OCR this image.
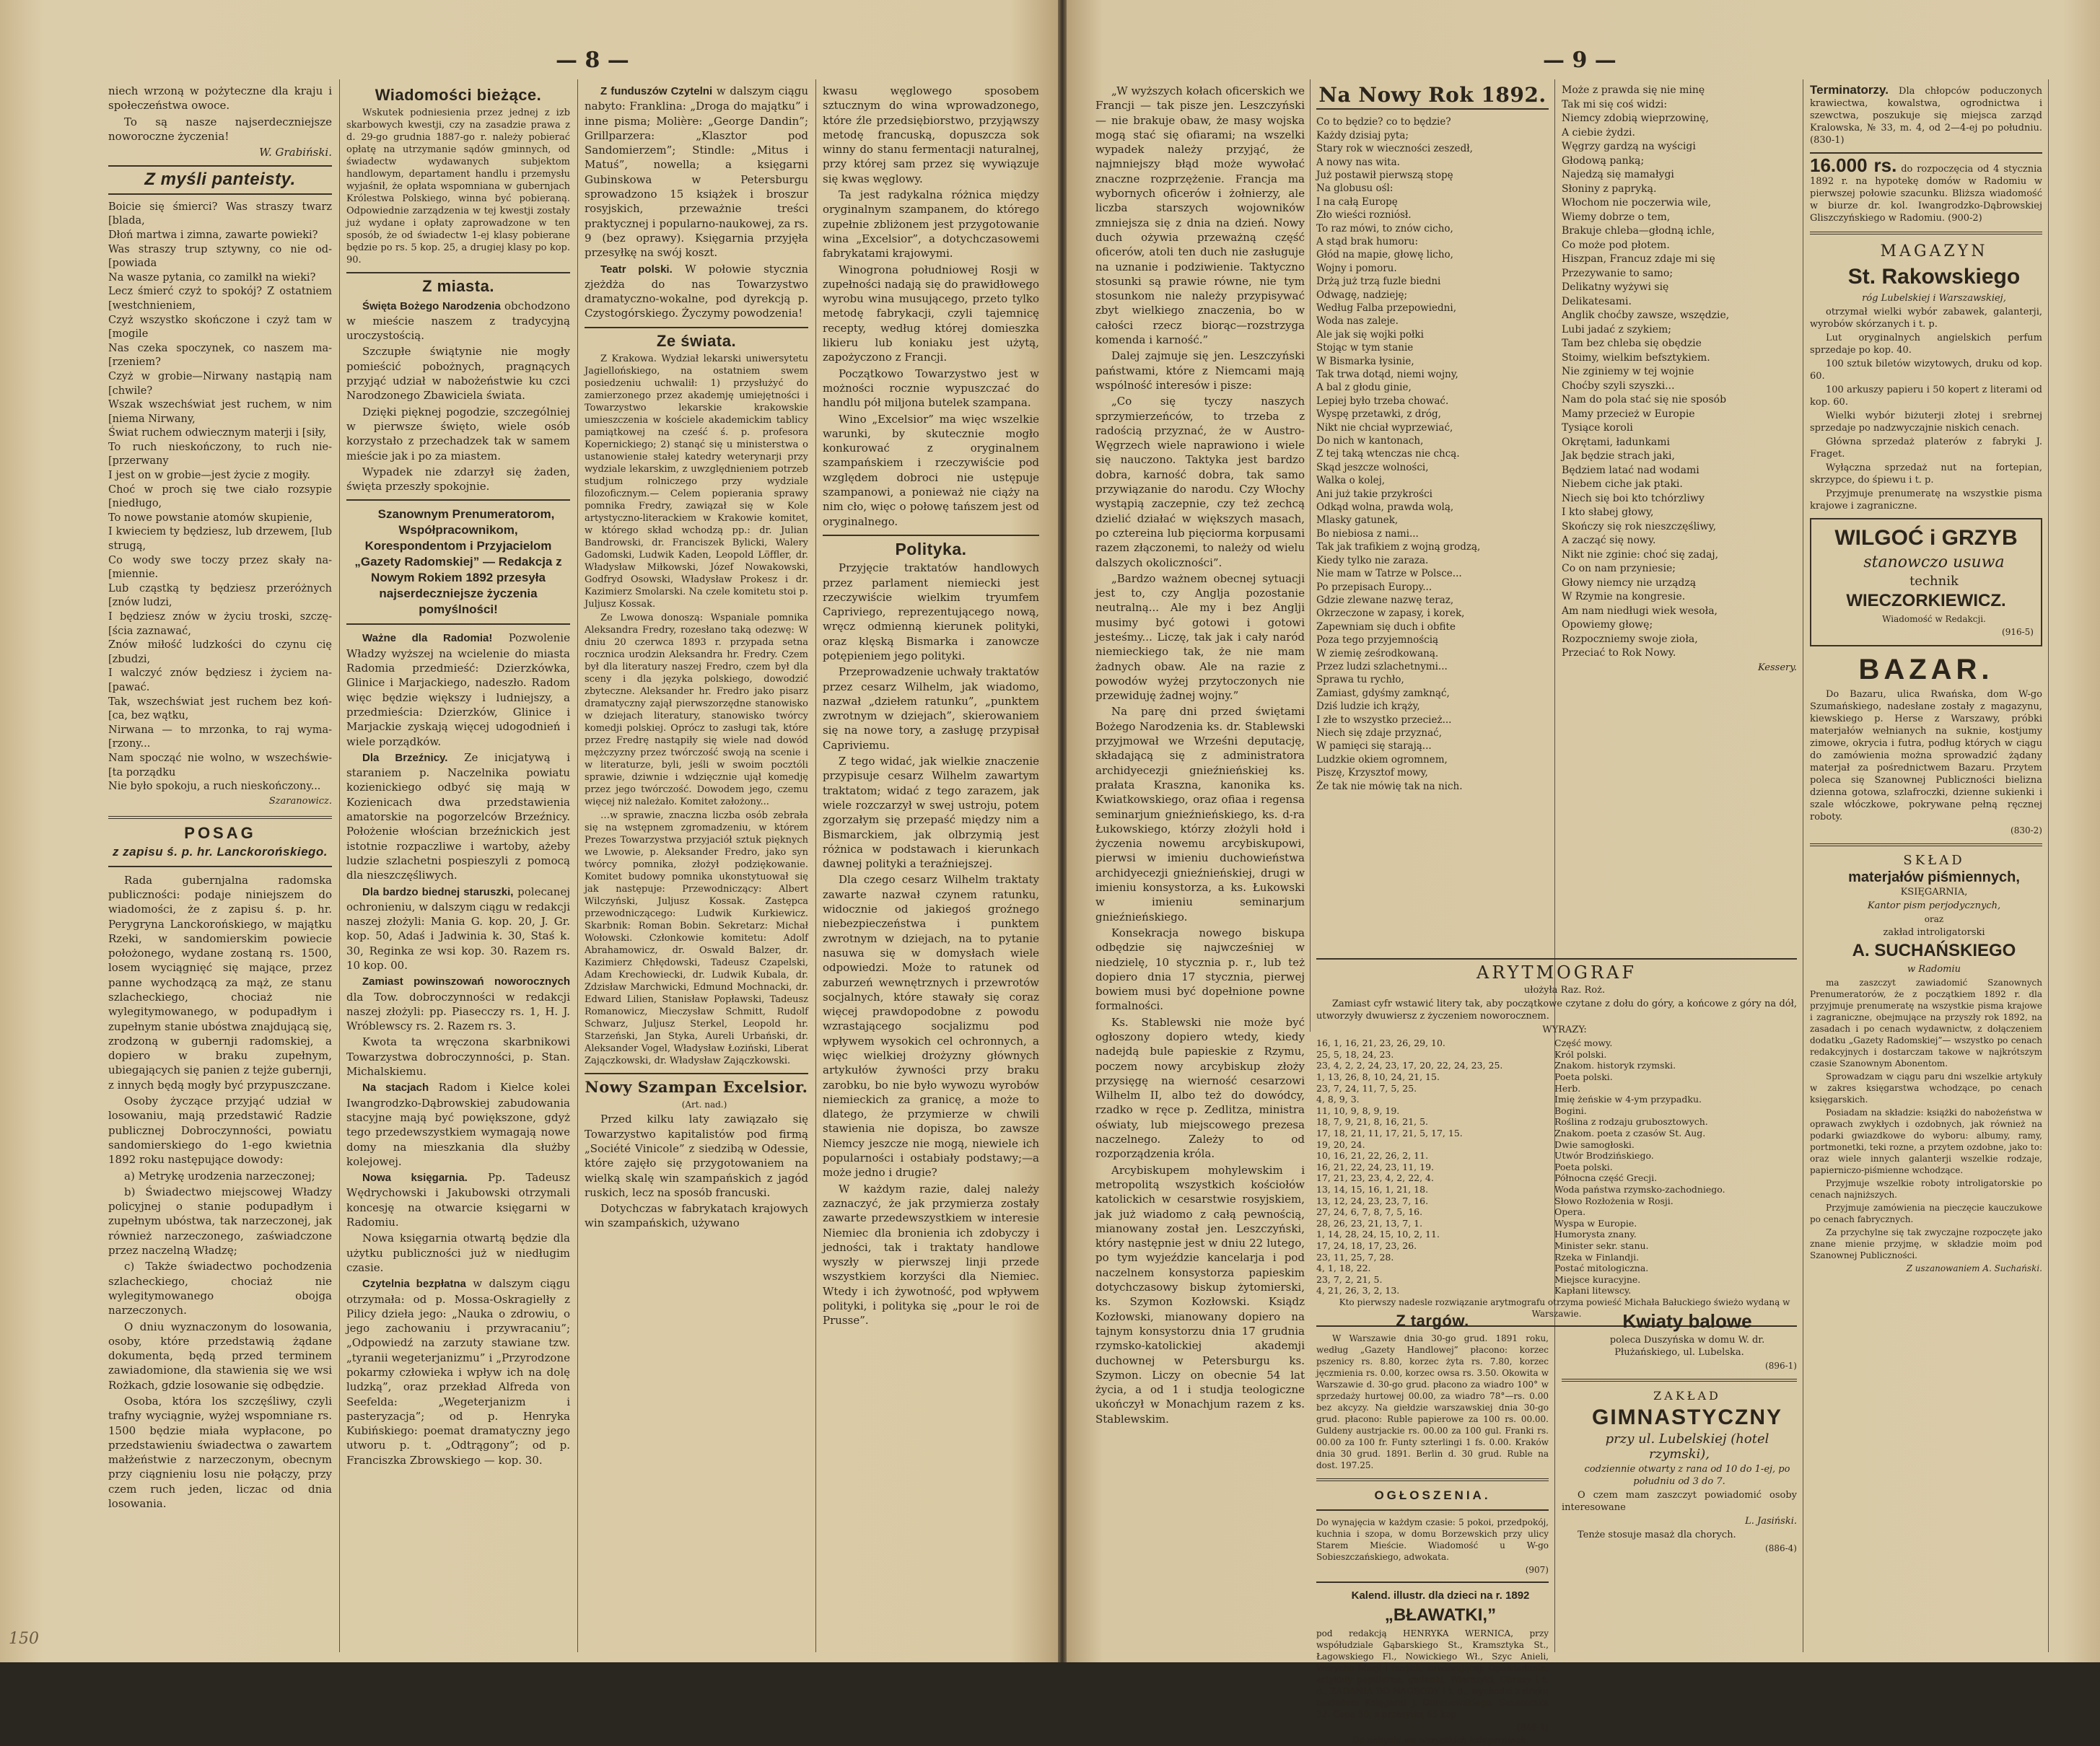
— 8 —

niech wrzoną w pożyteczne dla kraju i społeczeństwa owoce.

To są nasze najserdeczniejsze noworoczne życzenia!

W. Grabiński.

Z myśli panteisty.
Boicie się śmierci? Was straszy twarz [blada,
Dłoń martwa i zimna, zawarte powieki?
Was straszy trup sztywny, co nie od- [powiada
Na wasze pytania, co zamilkł na wieki?
Lecz śmierć czyż to spokój? Z ostatniem [westchnieniem,
Czyż wszystko skończone i czyż tam w [mogile
Nas czeka spoczynek, co naszem ma- [rzeniem?
Czyż w grobie—Nirwany nastąpią nam [chwile?
Wszak wszechświat jest ruchem, w nim [niema Nirwany,
Świat ruchem odwiecznym materji i [siły,
To ruch nieskończony, to ruch nie- [przerwany
I jest on w grobie—jest życie z mogiły.
Choć w proch się twe ciało rozsypie [niedługo,
To nowe powstanie atomów skupienie,
I kwieciem ty będziesz, lub drzewem, [lub strugą,
Co wody swe toczy przez skały na- [miennie.
Lub cząstką ty będziesz przeróżnych [znów ludzi,
I będziesz znów w życiu troski, szczę- [ścia zaznawać,
Znów miłość ludzkości do czynu cię [zbudzi,
I walczyć znów będziesz i życiem na- [pawać.
Tak, wszechświat jest ruchem bez koń- [ca, bez wątku,
Nirwana — to mrzonka, to raj wyma- [rzony...
Nam spocząć nie wolno, w wszechświe- [ta porządku
Nie było spokoju, a ruch nieskończony...

Szaranowicz.

POSAG
z zapisu ś. p. hr. Lanckorońskiego.

Rada gubernjalna radomska publiczności: podaje niniejszem do wiadomości, że z zapisu ś. p. hr. Perygryna Lanckorońskiego, w majątku Rzeki, w sandomierskim powiecie położonego, wydane zostaną rs. 1500, losem wyciągnięć się mające, przez panne wychodzącą za mąż, ze stanu szlacheckiego, chociaż nie wylegitymowanego, w podupadłym i zupełnym stanie ubóstwa znajdującą się, zrodzoną w gubernji radomskiej, a dopiero w braku zupełnym, ubiegających się panien z tejże gubernji, z innych będą mogły być przypuszczane.

Osoby życzące przyjąć udział w losowaniu, mają przedstawić Radzie publicznej Dobroczynności, powiatu sandomierskiego do 1-ego kwietnia 1892 roku następujące dowody:

a) Metrykę urodzenia narzeczonej;

b) Świadectwo miejscowej Władzy policyjnej o stanie podupadłym i zupełnym ubóstwa, tak narzeczonej, jak również narzeczonego, zaświadczone przez naczelną Władzę;

c) Także świadectwo pochodzenia szlacheckiego, chociaż nie wylegitymowanego obojga narzeczonych.

O dniu wyznaczonym do losowania, osoby, które przedstawią żądane dokumenta, będą przed terminem zawiadomione, dla stawienia się we wsi Rożkach, gdzie losowanie się odbędzie.

Osoba, która los szczęśliwy, czyli trafny wyciągnie, wyżej wspomniane rs. 1500 będzie miała wypłacone, po przedstawieniu świadectwa o zawartem małżeństwie z narzeczonym, obecnym przy ciągnieniu losu nie połączy, przy czem ruch jeden, liczac od dnia losowania.

Wiadomości bieżące.

Wskutek podniesienia przez jednej z izb skarbowych kwestji, czy na zasadzie prawa z d. 29-go grudnia 1887-go r. należy pobierać opłatę na utrzymanie sądów gminnych, od świadectw wydawanych subjektom handlowym, departament handlu i przemysłu wyjaśnił, że opłata wspomniana w gubernjach Królestwa Polskiego, winna być pobieraną. Odpowiednie zarządzenia w tej kwestji zostały już wydane i opłaty zaprowadzone w ten sposób, że od świadectw 1-ej klasy pobierane będzie po rs. 5 kop. 25, a drugiej klasy po kop. 90.

Z miasta.

Święta Bożego Narodzenia obchodzono w mieście naszem z tradycyjną uroczystością.

Szczupłe świątynie nie mogły pomieścić pobożnych, pragnących przyjąć udział w nabożeństwie ku czci Narodzonego Zbawiciela świata.

Dzięki pięknej pogodzie, szczególniej w pierwsze święto, wiele osób korzystało z przechadzek tak w samem mieście jak i po za miastem.

Wypadek nie zdarzył się żaden, święta przeszły spokojnie.

Szanownym Prenumeratorom, Współpracownikom, Korespondentom i Przyjacielom „Gazety Radomskiej” — Redakcja z Nowym Rokiem 1892 przesyła najserdeczniejsze życzenia pomyślności!

Ważne dla Radomia! Pozwolenie Władzy wyższej na wcielenie do miasta Radomia przedmieść: Dzierzkówka, Glinice i Marjackiego, nadeszło. Radom więc będzie większy i ludniejszy, a przedmieścia: Dzierzków, Glinice i Marjackie zyskają więcej udogodnień i wiele porządków.

Dla Brzeźnicy. Ze inicjatywą i staraniem p. Naczelnika powiatu kozienickiego odbyć się mają w Kozienicach dwa przedstawienia amatorskie na pogorzelców Brzeźnicy. Położenie włościan brzeźnickich jest istotnie rozpaczliwe i wartoby, ażeby ludzie szlachetni pospieszyli z pomocą dla nieszczęśliwych.

Dla bardzo biednej staruszki, polecanej ochronieniu, w dalszym ciągu w redakcji naszej złożyli: Mania G. kop. 20, J. Gr. kop. 50, Adaś i Jadwinia k. 30, Staś k. 30, Reginka ze wsi kop. 30. Razem rs. 10 kop. 00.

Zamiast powinszowań noworocznych dla Tow. dobroczynności w redakcji naszej złożyli: pp. Piasecczy rs. 1, H. J. Wróblewscy rs. 2. Razem rs. 3.

Kwota ta wręczona skarbnikowi Towarzystwa dobroczynności, p. Stan. Michalskiemu.

Na stacjach Radom i Kielce kolei Iwangrodzko-Dąbrowskiej zabudowania stacyjne mają być powiększone, gdyż tego przedewszystkiem wymagają nowe domy na mieszkania dla służby kolejowej.

Nowa księgarnia. Pp. Tadeusz Wędrychowski i Jakubowski otrzymali koncesję na otwarcie księgarni w Radomiu.

Nowa księgarnia otwartą będzie dla użytku publiczności już w niedługim czasie.

Czytelnia bezpłatna w dalszym ciągu otrzymała: od p. Mossa-Oskragielły z Pilicy dzieła jego: „Nauka o zdrowiu, o jego zachowaniu i przywracaniu”; „Odpowiedź na zarzuty stawiane tzw. „tyranii wegeterjanizmu” i „Przyrodzone pokarmy człowieka i wpływ ich na dolę ludzką”, oraz przekład Alfreda von Seefelda: „Wegeterjanizm i pasteryzacja”; od p. Henryka Kubińskiego: poemat dramatyczny jego utworu p. t. „Odtrągony”; od p. Franciszka Zbrowskiego — kop. 30.

Z funduszów Czytelni w dalszym ciągu nabyto: Franklina: „Droga do majątku” i inne pisma; Molière: „George Dandin”; Grillparzera: „Klasztor pod Sandomierzem”; Stindle: „Mitus i Matuś”, nowella; a księgarni Gubinskowa w Petersburgu sprowadzono 15 książek i broszur rosyjskich, przeważnie treści praktycznej i popularno-naukowej, za rs. 9 (bez oprawy). Księgarnia przyjęła przesyłkę na swój koszt.

Teatr polski. W połowie stycznia zjeżdża do nas Towarzystwo dramatyczno-wokalne, pod dyrekcją p. Czystogórskiego. Życzymy powodzenia!

Ze świata.

Z Krakowa. Wydział lekarski uniwersytetu Jagiellońskiego, na ostatniem swem posiedzeniu uchwalił: 1) przysłużyć do zamierzonego przez akademję umiejętności i Towarzystwo lekarskie krakowskie umieszczenia w kościele akademickim tablicy pamiątkowej na cześć ś. p. profesora Kopernickiego; 2) stanąć się u ministerstwa o ustanowienie stałej katedry weterynarji przy wydziale lekarskim, z uwzględnieniem potrzeb studjum rolniczego przy wydziale filozoficznym.— Celem popierania sprawy pomnika Fredry, zawiązał się w Kole artystyczno-literackiem w Krakowie komitet, w którego skład wchodzą pp.: dr. Julian Bandrowski, dr. Franciszek Bylicki, Walery Gadomski, Ludwik Kaden, Leopold Löffler, dr. Władysław Miłkowski, Józef Nowakowski, Godfryd Osowski, Władysław Prokesz i dr. Kazimierz Smolarski. Na czele komitetu stoi p. Juljusz Kossak.

Ze Lwowa donoszą: Wspaniale pomnika Aleksandra Fredry, rozesłano taką odezwę: W dniu 20 czerwca 1893 r. przypada setna rocznica urodzin Aleksandra hr. Fredry. Czem był dla literatury naszej Fredro, czem był dla sceny i dla języka polskiego, dowodzić zbyteczne. Aleksander hr. Fredro jako pisarz dramatyczny zajął pierwszorzędne stanowisko w dziejach literatury, stanowisko twórcy komedji polskiej. Oprócz to zasługi tak, które przez Fredrę nastąpiły się wiele nad dowód mężczyzny przez twórczość swoją na scenie i w literaturze, byli, jeśli w swoim pocztóli sprawie, dziwnie i wdzięcznie ujął komedję przez jego twórczość. Dowodem jego, czemu więcej niż należało. Komitet założony...

…w sprawie, znaczna liczba osób zebrała się na wstępnem zgromadzeniu, w którem Prezes Towarzystwa przyjaciół sztuk pięknych we Lwowie, p. Aleksander Fredro, jako syn twórcy pomnika, złożył podziękowanie. Komitet budowy pomnika ukonstytuował się jak następuje: Przewodniczący: Albert Wilczyński, Juljusz Kossak. Zastępca przewodniczącego: Ludwik Kurkiewicz. Skarbnik: Roman Bobin. Sekretarz: Michał Wołowski. Członkowie komitetu: Adolf Abrahamowicz, dr. Oswald Balzer, dr. Kazimierz Chłędowski, Tadeusz Czapelski, Adam Krechowiecki, dr. Ludwik Kubala, dr. Zdzisław Marchwicki, Edmund Mochnacki, dr. Edward Lilien, Stanisław Popławski, Tadeusz Romanowicz, Mieczysław Schmitt, Rudolf Schwarz, Juljusz Sterkel, Leopold hr. Starzeński, Jan Styka, Aureli Urbański, dr. Aleksander Vogel, Władysław Łoziński, Liberat Zajączkowski, dr. Władysław Zajączkowski.

Nowy Szampan Excelsior.

(Art. nad.)

Przed kilku laty zawiązało się Towarzystwo kapitalistów pod firmą „Société Vinicole” z siedzibą w Odessie, które zajęło się przygotowaniem na wielką skalę win szampańskich z jagód ruskich, lecz na sposób francuski.

Dotychczas w fabrykatach krajowych win szampańskich, używano

kwasu węglowego sposobem sztucznym do wina wprowadzonego, które źle przedsiębiorstwo, przyjąwszy metodę francuską, dopuszcza sok winny do stanu fermentacji naturalnej, przy której sam przez się wywiązuje się kwas węglowy.

Ta jest radykalna różnica między oryginalnym szampanem, do którego zupełnie zbliżonem jest przygotowanie wina „Excelsior”, a dotychczasowemi fabrykatami krajowymi.

Winogrona południowej Rosji w zupełności nadają się do prawidłowego wyrobu wina musującego, przeto tylko metodę fabrykacji, czyli tajemnicę recepty, według której domieszka likieru lub koniaku jest użytą, zapożyczono z Francji.

Początkowo Towarzystwo jest w możności rocznie wypuszczać do handlu pół miljona butelek szampana.

Wino „Excelsior” ma więc wszelkie warunki, by skutecznie mogło konkurować z oryginalnem szampańskiem i rzeczywiście pod względem dobroci nie ustępuje szampanowi, a ponieważ nie ciąży na nim cło, więc o połowę tańszem jest od oryginalnego.

Polityka.

Przyjęcie traktatów handlowych przez parlament niemiecki jest rzeczywiście wielkim tryumfem Capriviego, reprezentującego nową, wręcz odmienną kierunek polityki, oraz klęską Bismarka i zanowcze potępieniem jego polityki.

Przeprowadzenie uchwały traktatów przez cesarz Wilhelm, jak wiadomo, nazwał „dziełem ratunku”, „punktem zwrotnym w dziejach”, skierowaniem się na nowe tory, a zasługę przypisał Capriviemu.

Z tego widać, jak wielkie znaczenie przypisuje cesarz Wilhelm zawartym traktatom; widać z tego zarazem, jak wiele rozczarzył w swej ustroju, potem zgorzałym się przepaść między nim a Bismarckiem, jak olbrzymią jest różnica w podstawach i kierunkach dawnej polityki a teraźniejszej.

Dla czego cesarz Wilhelm traktaty zawarte nazwał czynem ratunku, widocznie od jakiegoś groźnego niebezpieczeństwa i punktem zwrotnym w dziejach, na to pytanie nasuwa się w domysłach wiele odpowiedzi. Może to ratunek od zaburzeń wewnętrznych i przewrotów socjalnych, które stawały się coraz więcej prawdopodobne z powodu wzrastającego socjalizmu pod wpływem wysokich cel ochronnych, a więc wielkiej drożyzny głównych artykułów żywności przy braku zarobku, bo nie było wywozu wyrobów niemieckich za granicę, a może to dlatego, że przymierze w chwili stawienia nie dopisza, bo zawsze Niemcy jeszcze nie mogą, niewiele ich popularności i ostabiały podstawy;—a może jedno i drugie?

W każdym razie, dalej należy zaznaczyć, że jak przymierza zostały zawarte przedewszystkiem w interesie Niemiec dla bronienia ich zdobyczy i jedności, tak i traktaty handlowe wyszły w pierwszej linji przede wszystkiem korzyści dla Niemiec. Wtedy i ich żywotność, pod wpływem polityki, i polityka się „pour le roi de Prusse”.

150
— 9 —

„W wyższych kołach oficerskich we Francji — tak pisze jen. Leszczyński — nie brakuje obaw, że masy wojska mogą stać się ofiarami; na wszelki wypadek należy przyjąć, że najmniejszy błąd może wywołać znaczne rozprzężenie. Francja ma wybornych oficerów i żołnierzy, ale liczba starszych wojowników zmniejsza się z dnia na dzień. Nowy duch ożywia przeważną część oficerów, atoli ten duch nie zasługuje na uznanie i podziwienie. Taktyczno stosunki są prawie równe, nie tym stosunkom nie należy przypisywać zbyt wielkiego znaczenia, bo w całości rzecz biorąc—rozstrzyga komenda i karność.”

Dalej zajmuje się jen. Leszczyński państwami, które z Niemcami mają wspólność interesów i pisze:

„Co się tyczy naszych sprzymierzeńców, to trzeba z radością przyznać, że w Austro-Węgrzech wiele naprawiono i wiele się nauczono. Taktyka jest bardzo dobra, karność dobra, tak samo przywiązanie do narodu. Czy Włochy wystąpią zaczepnie, czy też zechcą dzielić działać w większych masach, po cztereina lub pięciorma korpusami razem złączonemi, to należy od wielu dalszych okoliczności”.

„Bardzo ważnem obecnej sytuacji jest to, czy Anglja pozostanie neutralną... Ale my i bez Anglji musimy być gotowi i gotowi jesteśmy... Liczę, tak jak i cały naród niemieckiego tak, że nie mam żadnych obaw. Ale na razie z powodów wyżej przytoczonych nie przewiduję żadnej wojny.”

Na parę dni przed świętami Bożego Narodzenia ks. dr. Stablewski przyjmował we Wrześni deputację, składającą się z administratora archidyecezji gnieźnieńskiej ks. prałata Kraszna, kanonika ks. Kwiatkowskiego, oraz ofiaa i regensa seminarjum gnieźnieńskiego, ks. d-ra Łukowskiego, którzy złożyli hołd i życzenia nowemu arcybiskupowi, pierwsi w imieniu duchowieństwa archidyecezji gnieźnieńskiej, drugi w imieniu konsystorza, a ks. Łukowski w imieniu seminarjum gnieźnieńskiego.

Konsekracja nowego biskupa odbędzie się najwcześniej w niedzielę, 10 stycznia p. r., lub też dopiero dnia 17 stycznia, pierwej bowiem musi być dopełnione powne formalności.

Ks. Stablewski nie może być ogłoszony dopiero wtedy, kiedy nadejdą bule papieskie z Rzymu, poczem nowy arcybiskup złoży przysięgę na wierność cesarzowi Wilhelm II, albo też do dowódcy, rzadko w ręce p. Zedlitza, ministra oświaty, lub miejscowego prezesa naczelnego. Zależy to od rozporządzenia króla.

Arcybiskupem mohylewskim i metropolitą wszystkich kościołów katolickich w cesarstwie rosyjskiem, jak już wiadomo z całą pewnością, mianowany został jen. Leszczyński, który następnie jest w dniu 22 lutego, po tym wyjeździe kancelarja i pod naczelnem konsystorza papieskim dotychczasowy biskup żytomierski, ks. Szymon Kozłowski. Ksiądz Kozłowski, mianowany dopiero na tajnym konsystorzu dnia 17 grudnia rzymsko-katolickiej akademji duchownej w Petersburgu ks. Szymon. Liczy on obecnie 54 lat życia, a od 1 i studja teologiczne ukończył w Monachjum razem z ks. Stablewskim.

Na Nowy Rok 1892.
Co to będzie? co to będzie?
Każdy dzisiaj pyta;
Stary rok w wieczności zeszedł,
A nowy nas wita.
Już postawił pierwszą stopę
Na globusu ośl:
I na całą Europę
Zło wieści rozniósł.
To raz mówi, to znów cicho,
A stąd brak humoru:
Głód na mapie, głowę licho,
Wojny i pomoru.
Drżą już trzą fuzle biedni
Odwagę, nadzieję;
Według Falba przepowiedni,
Woda nas zaleje.
Ale jak się wojki połki
Stojąc w tym stanie
W Bismarka łysinie,
Tak trwa dotąd, niemi wojny,
A bal z głodu ginie,
Lepiej było trzeba chować.
Wyspę przetawki, z dróg,
Nikt nie chciał wyprzewiać,
Do nich w kantonach,
Z tej taką wtenczas nie chcą.
Skąd jeszcze wolności,
Walka o kolej,
Ani już takie przykrości
Odkąd wolna, prawda wolą,
Mlasky gatunek,
Bo niebiosa z nami...
Tak jak trafikiem z wojną grodzą,
Kiedy tylko nie zaraza.
Nie mam w Tatrze w Polsce...
Po przepisach Europy...
Gdzie zlewane nazwę teraz,
Okrzeczone w zapasy, i korek,
Zapewniam się duch i obfite
Poza tego przyjemnością
W ziemię ześrodkowaną.
Przez ludzi szlachetnymi...
Sprawa tu rychło,
Zamiast, gdyśmy zamknąć,
Dziś ludzie ich krąży,
I złe to wszystko przecież...
Niech się zdaje przyznać,
W pamięci się starają...
Ludzkie okiem ogromnem,
Piszę, Krzysztof mowy,
Że tak nie mówię tak na nich.
Może z prawda się nie minę
Tak mi się coś widzi:
Niemcy zdobią wieprzowinę,
A ciebie żydzi.
Węgrzy gardzą na wyścigi
Głodową panką;
Najedzą się mamałygi
Słoniny z papryką.
Włochom nie poczerwia wile,
Wiemy dobrze o tem,
Brakuje chleba—głodną ichle,
Co może pod płotem.
Hiszpan, Francuz zdaje mi się
Przezywanie to samo;
Delikatny wyżywi się
Delikatesami.
Anglik choćby zawsze, wszędzie,
Lubi jadać z szykiem;
Tam bez chleba się obędzie
Stoimy, wielkim befsztykiem.
Nie zginiemy w tej wojnie
Choćby szyli szyszki...
Nam do pola stać się nie sposób
Mamy przecież w Europie
Tysiące koroli
Okrętami, ładunkami
Jak będzie strach jaki,
Będziem latać nad wodami
Niebem ciche jak ptaki.
Niech się boi kto tchórzliwy
I kto słabej głowy,
Skończy się rok nieszczęśliwy,
A zacząć się nowy.
Nikt nie zginie: choć się zadaj,
Co on nam przyniesie;
Głowy niemcy nie urządzą
W Rzymie na kongresie.
Am nam niedługi wiek wesoła,
Opowiemy głowę;
Rozpoczniemy swoje zioła,
Przeciać to Rok Nowy.

Kessery.

ARYTMOGRAF

ułożyła Raz. Roż.

Zamiast cyfr wstawić litery tak, aby początkowe czytane z dołu do góry, a końcowe z góry na dół, utworzyły dwuwiersz z życzeniem noworocznem.

WYRAZY:

16, 1, 16, 21, 23, 26, 29, 10.	Część mowy.
25, 5, 18, 24, 23.	Król polski.
23, 4, 2, 2, 24, 23, 17, 20, 22, 24, 23, 25.	Znakom. historyk rzymski.
1, 13, 26, 8, 10, 24, 21, 15.	Poeta polski.
23, 7, 24, 11, 7, 5, 25.	Herb.
4, 8, 9, 3.	Imię żeńskie w 4-ym przypadku.
11, 10, 9, 8, 9, 19.	Bogini.
18, 7, 9, 21, 8, 16, 21, 5.	Roślina z rodzaju grubosztowych.
17, 18, 21, 11, 17, 21, 5, 17, 15.	Znakom. poeta z czasów St. Aug.
19, 20, 24.	Dwie samogłoski.
10, 16, 21, 22, 26, 2, 11.	Utwór Brodzińskiego.
16, 21, 22, 24, 23, 11, 19.	Poeta polski.
17, 21, 23, 23, 4, 2, 22, 4.	Północna część Grecji.
13, 14, 15, 16, 1, 21, 18.	Woda państwa rzymsko-zachodniego.
13, 12, 24, 23, 23, 7, 16.	Słowo Rozłożenia w Rosji.
27, 24, 6, 7, 8, 7, 5, 16.	Opera.
28, 26, 23, 21, 13, 7, 1.	Wyspa w Europie.
1, 14, 28, 24, 15, 10, 2, 11.	Humorysta znany.
17, 24, 18, 17, 23, 26.	Minister sekr. stanu.
23, 11, 25, 7, 28.	Rzeka w Finlandji.
4, 1, 18, 22.	Postać mitologiczna.
23, 7, 2, 21, 5.	Miejsce kuracyjne.
4, 21, 26, 3, 2, 13.	Kapłani litewscy.

Kto pierwszy nadesle rozwiązanie arytmografu otrzyma powieść Michała Bałuckiego świeżo wydaną w Warszawie.

Z targów.

W Warszawie dnia 30-go grud. 1891 roku, według „Gazety Handlowej” płacono: korzec pszenicy rs. 8.80, korzec żyta rs. 7.80, korzec jęczmienia rs. 0.00, korzec owsa rs. 3.50. Okowita w Warszawie d. 30-go grud. płacono za wiadro 100° w sprzedaży hurtowej 00.00, za wiadro 78°—rs. 0.00 bez akcyzy. Na giełdzie warszawskiej dnia 30-go grud. płacono: Ruble papierowe za 100 rs. 00.00. Guldeny austrjackie rs. 00.00 za 100 gul. Franki rs. 00.00 za 100 fr. Funty szterlingi 1 fs. 0.00. Kraków dnia 30 grud. 1891. Berlin d. 30 grud. Ruble na dost. 197.25.

OGŁOSZENIA.

Do wynajęcia w każdym czasie: 5 pokoi, przedpokój, kuchnia i szopa, w domu Borzewskich przy ulicy Starem Mieście. Wiadomość u W-go Sobieszczańskiego, adwokata.

(907)

Kalend. illustr. dla dzieci na r. 1892

„BŁAWATKI,”

pod redakcją HENRYKA WERNICA, przy współudziale Gąbarskiego St., Kramsztyka St., Łagowskiego Fl., Nowickiego Wł., Szyc Anieli, Weryche Marji i innych, zawierającej: Opowiadania, artykuły popularne, gadanki, Wierszyki, Obrazy i t. d., ZADANIA DO NAGRODY i t. d., wychodzi z druku nakładem Księgarni J. Guranowskiego. Senatorska 32. Cena 50, z przesyłką 65 kop.

(846-1)

Do nabycia we wszystkich księgarniach.

Kwiaty balowe

poleca Duszyńska w domu W. dr. Płużańskiego, ul. Lubelska.

(896-1)

ZAKŁAD

GIMNASTYCZNY

przy ul. Lubelskiej (hotel rzymski),

codziennie otwarty z rana od 10 do 1-ej, po południu od 3 do 7.

O czem mam zaszczyt powiadomić osoby interesowane

L. Jasiński.

Tenże stosuje masaż dla chorych.

(886-4)

Terminatorzy. Dla chłopców poduczonych krawiectwa, kowalstwa, ogrodnictwa i szewctwa, poszukuje się miejsca zarząd Kralowska, № 33, m. 4, od 2—4-ej po południu. (830-1)

16.000 rs. do rozpoczęcia od 4 stycznia 1892 r. na hypotekę domów w Radomiu w pierwszej połowie szacunku. Bliższa wiadomość w biurze dr. kol. Iwangrodzko-Dąbrowskiej Gliszczyńskiego w Radomiu. (900-2)

MAGAZYN

St. Rakowskiego

róg Lubelskiej i Warszawskiej,

otrzymał wielki wybór zabawek, galanterji, wyrobów skórzanych i t. p.

Lut oryginalnych angielskich perfum sprzedaje po kop. 40.

100 sztuk biletów wizytowych, druku od kop. 60.

100 arkuszy papieru i 50 kopert z literami od kop. 60.

Wielki wybór biżuterji złotej i srebrnej sprzedaje po nadzwyczajnie niskich cenach.

Główna sprzedaż platerów z fabryki J. Fraget.

Wyłączna sprzedaż nut na fortepian, skrzypce, do śpiewu i t. p.

Przyjmuje prenumeratę na wszystkie pisma krajowe i zagraniczne.

WILGOĆ i GRZYB

stanowczo usuwa

technik

WIECZORKIEWICZ.

Wiadomość w Redakcji.

(916-5)

BAZAR.

Do Bazaru, ulica Rwańska, dom W-go Szumańskiego, nadesłane zostały z magazynu, kiewskiego p. Herse z Warszawy, próbki materjałów wełnianych na suknie, kostjumy zimowe, okrycia i futra, podług których w ciągu do zamówienia można sprowadzić żądany materjał za pośrednictwem Bazaru. Przytem poleca się Szanownej Publiczności bielizna dzienna gotowa, szlafroczki, dzienne sukienki i szale włóczkowe, pokrywane pełną ręcznej roboty.

(830-2)

SKŁAD

materjałów piśmiennych,

KSIĘGARNIA,

Kantor pism perjodycznych,

oraz

zakład introligatorski

A. SUCHAŃSKIEGO

w Radomiu

ma zaszczyt zawiadomić Szanownych Prenumeratorów, że z początkiem 1892 r. dla przyjmuje prenumeratę na wszystkie pisma krajowe i zagraniczne, obejmujące na przyszły rok 1892, na zasadach i po cenach wydawnictw, z dołączeniem dodatku „Gazety Radomskiej”— wszystko po cenach redakcyjnych i dostarczam takowe w najkrótszym czasie Szanownym Abonentom.

Sprowadzam w ciągu paru dni wszelkie artykuły w zakres księgarstwa wchodzące, po cenach księgarskich.

Posiadam na składzie: książki do nabożeństwa w oprawach zwykłych i ozdobnych, jak również na podarki gwiazdkowe do wyboru: albumy, ramy, portmonetki, teki rozne, a przytem ozdobne, jako to: oraz wiele innych galanterji wszelkie rodzaje, papierniczo-piśmienne wchodzące.

Przyjmuje wszelkie roboty introligatorskie po cenach najniższych.

Przyjmuje zamówienia na pieczęcie kauczukowe po cenach fabrycznych.

Za przychylne się tak zwyczajne rozpoczęte jako znane mienie przyjmę, w składzie moim pod Szanownej Publiczności.

Z uszanowaniem A. Suchański.
